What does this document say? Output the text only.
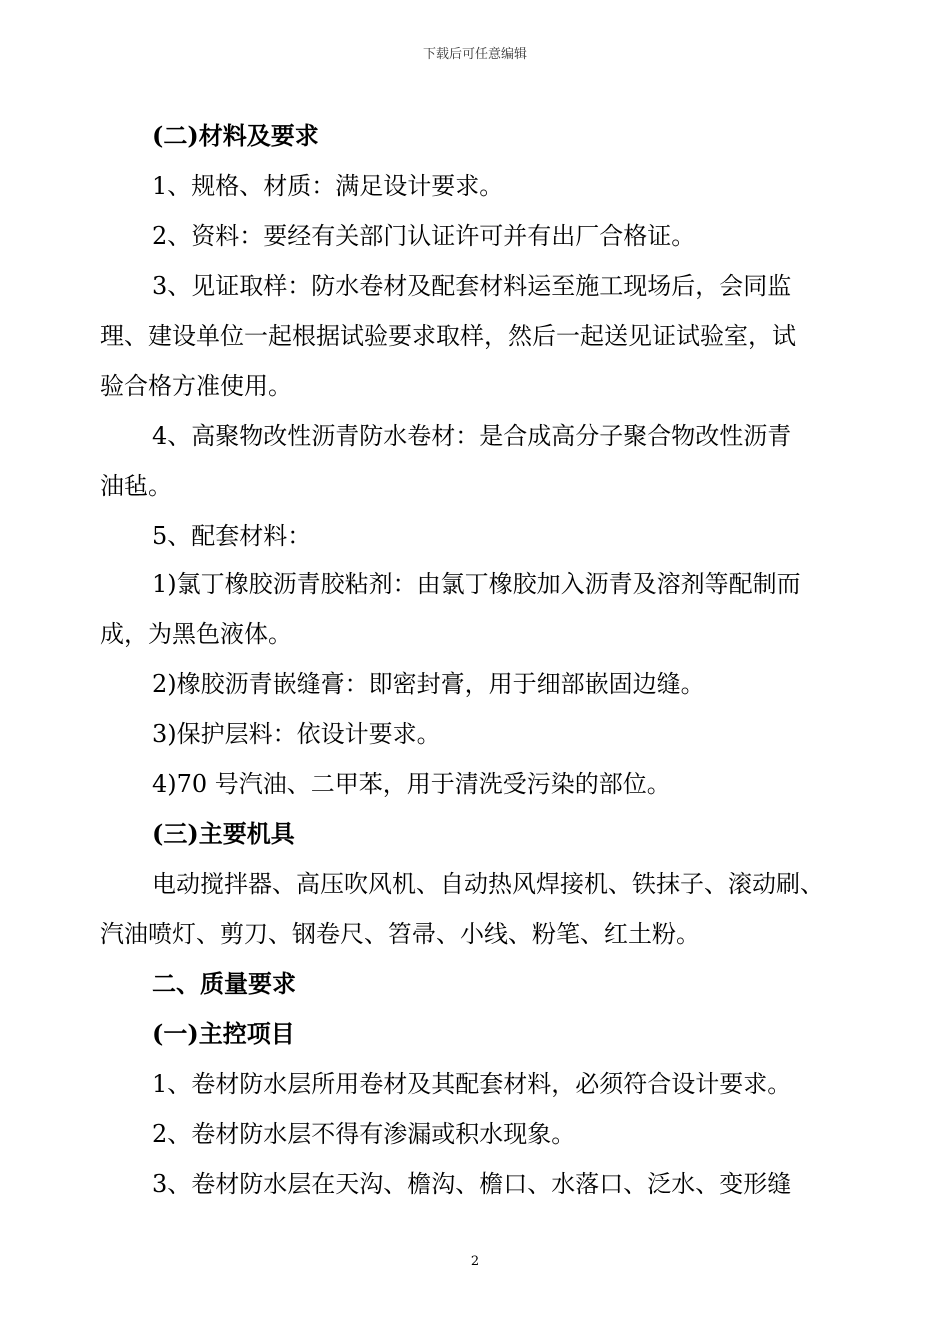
下载后可任意编辑
(二)材料及要求
1、规格、材质：满足设计要求。
2、资料：要经有关部门认证许可并有出厂合格证。
3、见证取样：防水卷材及配套材料运至施工现场后，会同监
理、建设单位一起根据试验要求取样，然后一起送见证试验室，试
验合格方准使用。
4、高聚物改性沥青防水卷材：是合成高分子聚合物改性沥青
油毡。
5、配套材料：
1)氯丁橡胶沥青胶粘剂：由氯丁橡胶加入沥青及溶剂等配制而
成，为黑色液体。
2)橡胶沥青嵌缝膏：即密封膏，用于细部嵌固边缝。
3)保护层料：依设计要求。
4)70 号汽油、二甲苯，用于清洗受污染的部位。
(三)主要机具
电动搅拌器、高压吹风机、自动热风焊接机、铁抹子、滚动刷、
汽油喷灯、剪刀、钢卷尺、笤帚、小线、粉笔、红土粉。
二、质量要求
(一)主控项目
1、卷材防水层所用卷材及其配套材料，必须符合设计要求。
2、卷材防水层不得有渗漏或积水现象。
3、卷材防水层在天沟、檐沟、檐口、水落口、泛水、变形缝
2
